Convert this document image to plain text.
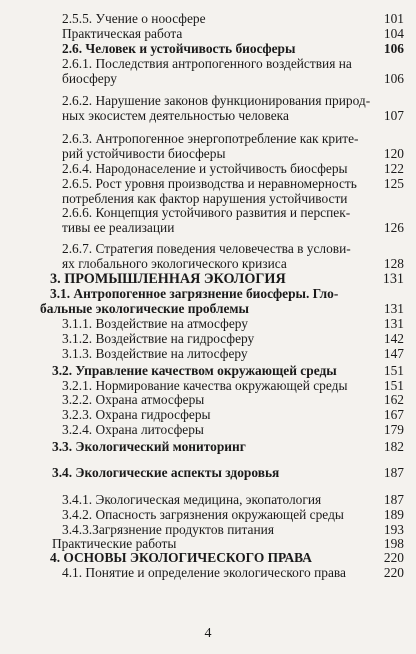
2.5.5. Учение о ноосфере	101
Практическая работа	104
2.6. Человек и устойчивость биосферы	106
2.6.1. Последствия антропогенного воздействия на
биосферу	106
2.6.2. Нарушение законов функционирования природ-
ных экосистем деятельностью человека	107
2.6.3. Антропогенное энергопотребление как крите-
рий устойчивости биосферы	120
2.6.4. Народонаселение и устойчивость биосферы	122
2.6.5. Рост уровня производства и неравномерность 125
потребления как фактор нарушения устойчивости
2.6.6. Концепция устойчивого развития и перспек-
тивы ее реализации	126
2.6.7. Стратегия поведения человечества в услови-
ях глобального экологического кризиса	128
3. ПРОМЫШЛЕННАЯ ЭКОЛОГИЯ	131
3.1. Антропогенное загрязнение биосферы. Гло-
бальные экологические проблемы	131
3.1.1. Воздействие на атмосферу	131
3.1.2. Воздействие на гидросферу	142
3.1.3. Воздействие на литосферу	147
3.2. Управление качеством окружающей среды	151
3.2.1. Нормирование качества окружающей среды	151
3.2.2. Охрана атмосферы	162
3.2.3. Охрана гидросферы	167
3.2.4. Охрана литосферы	179
3.3. Экологический мониторинг	182
3.4. Экологические аспекты здоровья	187
3.4.1. Экологическая медицина, экопатология	187
3.4.2. Опасность загрязнения окружающей среды	189
3.4.3.Загрязнение продуктов питания	193
Практические работы	198
4. ОСНОВЫ ЭКОЛОГИЧЕСКОГО ПРАВА	220
4
4.1. Понятие и определение экологического права	220
